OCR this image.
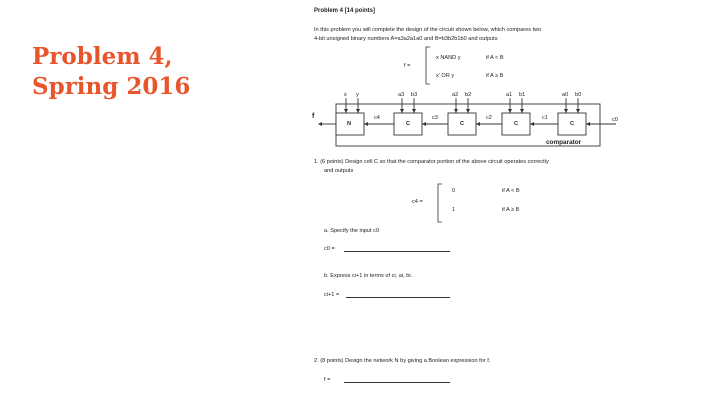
Problem 4,
Spring 2016
Problem 4 [14 points]
In this problem you will complete the design of the circuit shown below, which compares two
4-bit unsigned binary numbers A=a3a2a1a0 and B=b3b2b1b0 and outputs
f =
x NAND y	if A < B
x' OR y	if A ≥ B
f
x y
N	C	C	C	C
a3 b3	a2 b2	a1 b1	a0 b0
c4	c3	c2	c1	c0
comparator
1. (6 points) Design cell C so that the comparator portion of the above circuit operates correctly
and outputs
c4 =
0	if A < B
1	if A ≥ B
a. Specify the input c0
c0 =
b. Express ci+1 in terms of ci, ai, bi.
ci+1 =
2. (8 points) Design the network N by giving a Boolean expression for f.
f =
